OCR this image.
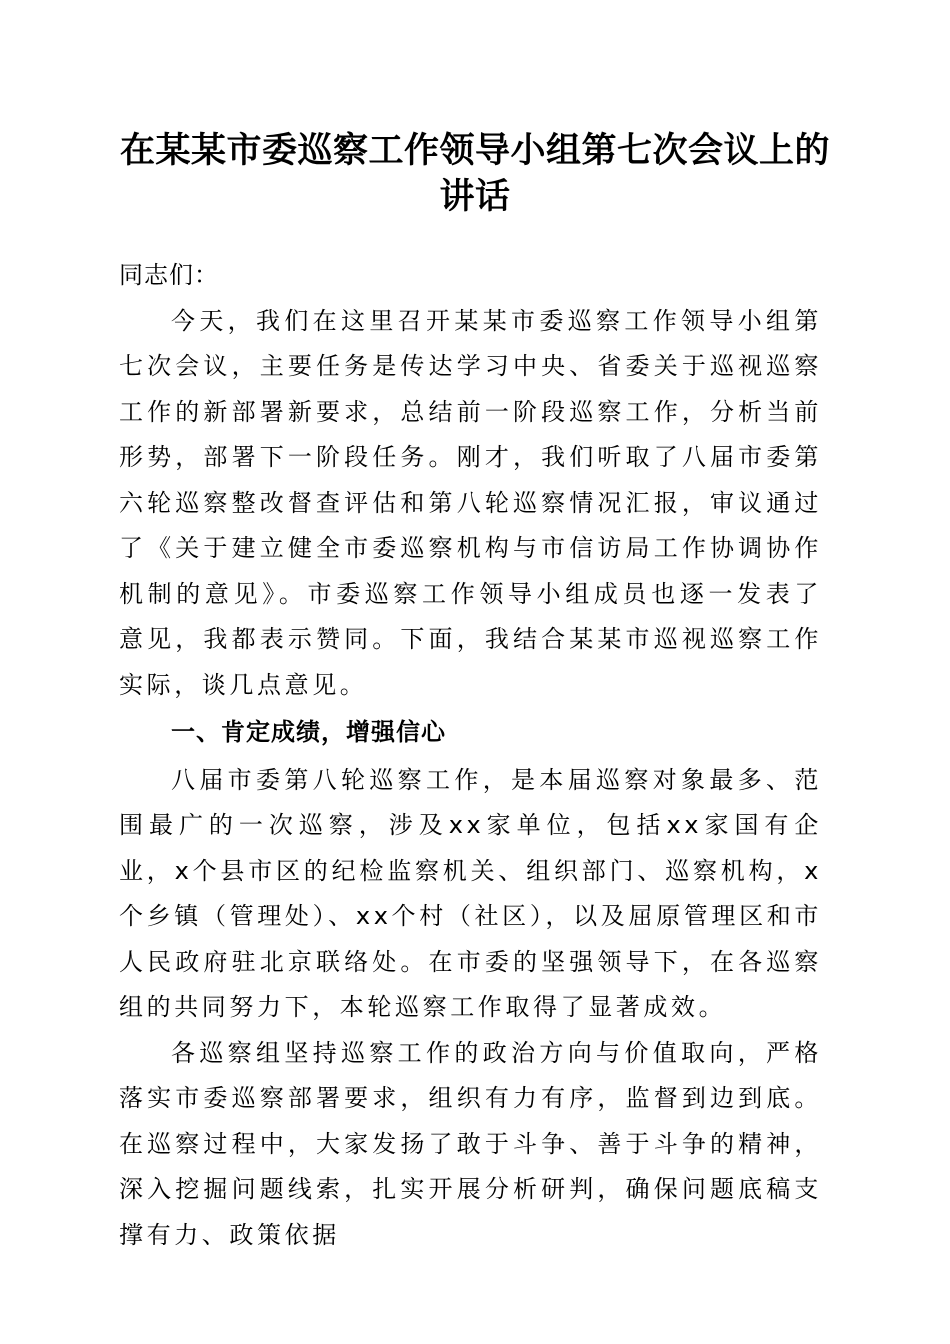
在某某市委巡察工作领导小组第七次会议上的
讲话

同志们：

今天，我们在这里召开某某市委巡察工作领导小组第七次会议，主要任务是传达学习中央、省委关于巡视巡察工作的新部署新要求，总结前一阶段巡察工作，分析当前形势，部署下一阶段任务。刚才，我们听取了八届市委第六轮巡察整改督查评估和第八轮巡察情况汇报，审议通过了《关于建立健全市委巡察机构与市信访局工作协调协作机制的意见》。市委巡察工作领导小组成员也逐一发表了意见，我都表示赞同。下面，我结合某某市巡视巡察工作实际，谈几点意见。

一、肯定成绩，增强信心

八届市委第八轮巡察工作，是本届巡察对象最多、范围最广的一次巡察，涉及xx家单位，包括xx家国有企业，x个县市区的纪检监察机关、组织部门、巡察机构，x个乡镇（管理处）、xx个村（社区），以及屈原管理区和市人民政府驻北京联络处。在市委的坚强领导下，在各巡察组的共同努力下，本轮巡察工作取得了显著成效。

各巡察组坚持巡察工作的政治方向与价值取向，严格落实市委巡察部署要求，组织有力有序，监督到边到底。在巡察过程中，大家发扬了敢于斗争、善于斗争的精神，深入挖掘问题线索，扎实开展分析研判，确保问题底稿支撑有力、政策依据
